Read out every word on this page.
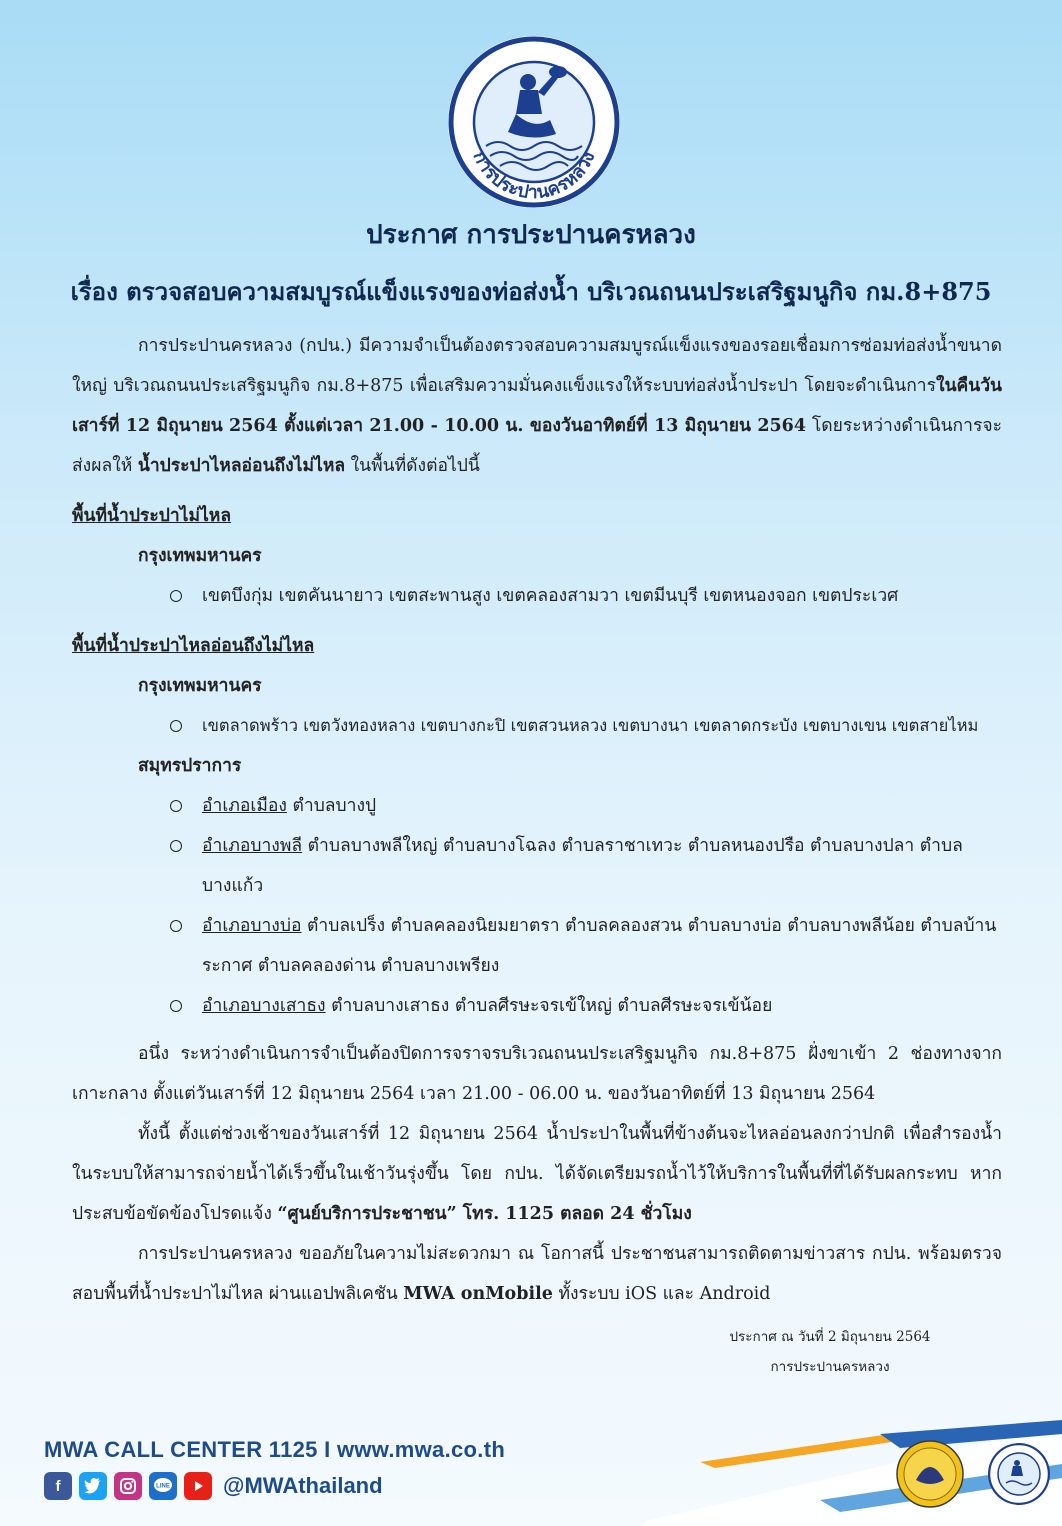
การประปานครหลวง
ประกาศ การประปานครหลวง
เรื่อง ตรวจสอบความสมบูรณ์แข็งแรงของท่อส่งน้ำ บริเวณถนนประเสริฐมนูกิจ กม.8+875
การประปานครหลวง (กปน.) มีความจำเป็นต้องตรวจสอบความสมบูรณ์แข็งแรงของรอยเชื่อมการซ่อมท่อส่งน้ำขนาดใหญ่ บริเวณถนนประเสริฐมนูกิจ กม.8+875 เพื่อเสริมความมั่นคงแข็งแรงให้ระบบท่อส่งน้ำประปา โดยจะดำเนินการในคืนวันเสาร์ที่ 12 มิถุนายน 2564 ตั้งแต่เวลา 21.00 - 10.00 น. ของวันอาทิตย์ที่ 13 มิถุนายน 2564 โดยระหว่างดำเนินการจะส่งผลให้ น้ำประปาไหลอ่อนถึงไม่ไหล ในพื้นที่ดังต่อไปนี้
พื้นที่น้ำประปาไม่ไหล
กรุงเทพมหานคร
เขตบึงกุ่ม เขตคันนายาว เขตสะพานสูง เขตคลองสามวา เขตมีนบุรี เขตหนองจอก เขตประเวศ
พื้นที่น้ำประปาไหลอ่อนถึงไม่ไหล
กรุงเทพมหานคร
เขตลาดพร้าว เขตวังทองหลาง เขตบางกะปิ เขตสวนหลวง เขตบางนา เขตลาดกระบัง เขตบางเขน เขตสายไหม
สมุทรปราการ
อำเภอเมือง ตำบลบางปู
อำเภอบางพลี ตำบลบางพลีใหญ่ ตำบลบางโฉลง ตำบลราชาเทวะ ตำบลหนองปรือ ตำบลบางปลา ตำบลบางแก้ว
อำเภอบางบ่อ ตำบลเปร็ง ตำบลคลองนิยมยาตรา ตำบลคลองสวน ตำบลบางบ่อ ตำบลบางพลีน้อย ตำบลบ้านระกาศ ตำบลคลองด่าน ตำบลบางเพรียง
อำเภอบางเสาธง ตำบลบางเสาธง ตำบลศีรษะจรเข้ใหญ่ ตำบลศีรษะจรเข้น้อย
อนึ่ง ระหว่างดำเนินการจำเป็นต้องปิดการจราจรบริเวณถนนประเสริฐมนูกิจ กม.8+875 ฝั่งขาเข้า 2 ช่องทางจากเกาะกลาง ตั้งแต่วันเสาร์ที่ 12 มิถุนายน 2564 เวลา 21.00 - 06.00 น. ของวันอาทิตย์ที่ 13 มิถุนายน 2564
ทั้งนี้ ตั้งแต่ช่วงเช้าของวันเสาร์ที่ 12 มิถุนายน 2564 น้ำประปาในพื้นที่ข้างต้นจะไหลอ่อนลงกว่าปกติ เพื่อสำรองน้ำในระบบให้สามารถจ่ายน้ำได้เร็วขึ้นในเช้าวันรุ่งขึ้น โดย กปน. ได้จัดเตรียมรถน้ำไว้ให้บริการในพื้นที่ที่ได้รับผลกระทบ หากประสบข้อขัดข้องโปรดแจ้ง “ศูนย์บริการประชาชน” โทร. 1125 ตลอด 24 ชั่วโมง
การประปานครหลวง ขออภัยในความไม่สะดวกมา ณ โอกาสนี้ ประชาชนสามารถติดตามข่าวสาร กปน. พร้อมตรวจสอบพื้นที่น้ำประปาไม่ไหล ผ่านแอปพลิเคชัน MWA onMobile ทั้งระบบ iOS และ Android
ประกาศ ณ วันที่ 2 มิถุนายน 2564
การประปานครหลวง
MWA CALL CENTER 1125 I www.mwa.co.th
f	LINE @MWAthailand
